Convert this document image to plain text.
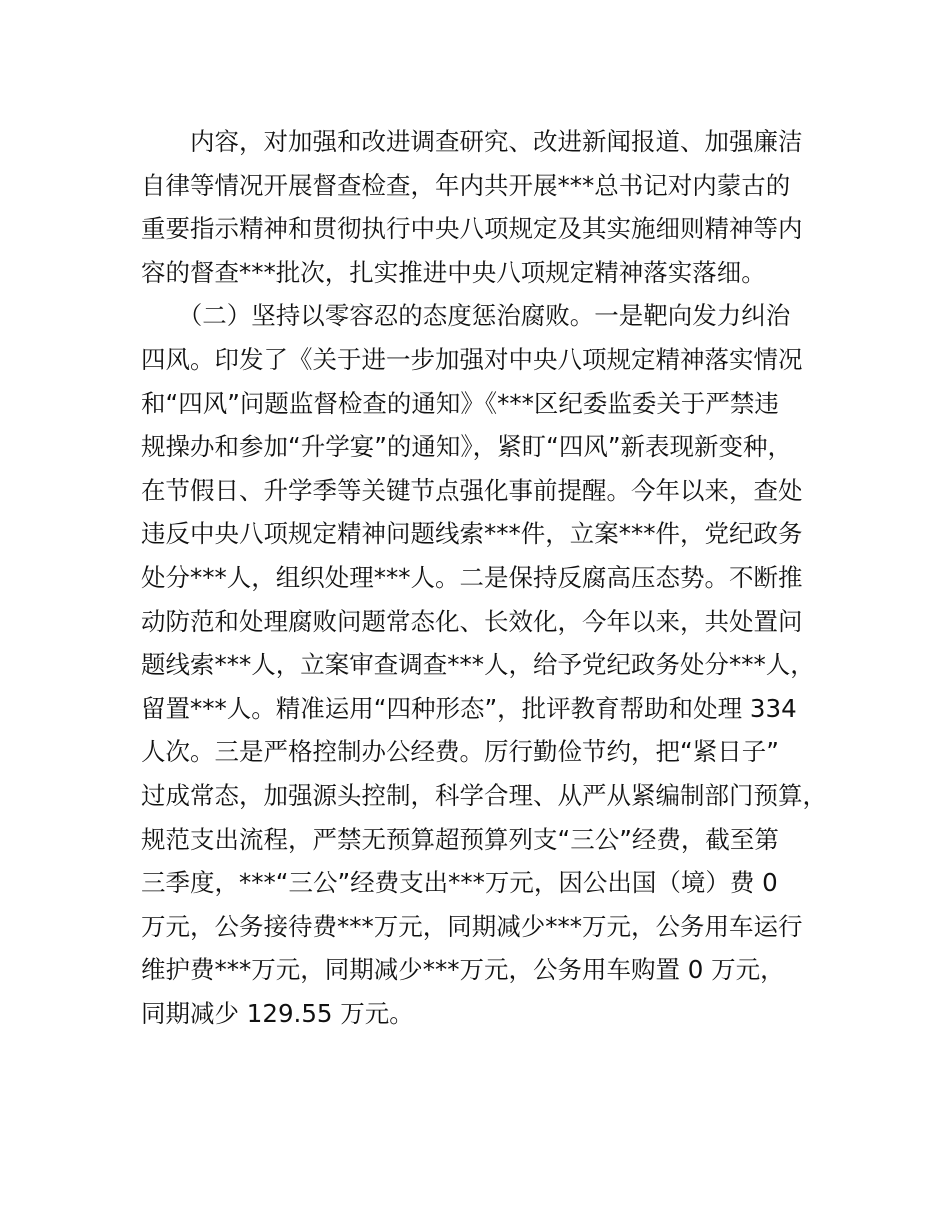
　　内容，对加强和改进调查研究、改进新闻报道、加强廉洁
自律等情况开展督查检查，年内共开展***总书记对内蒙古的
重要指示精神和贯彻执行中央八项规定及其实施细则精神等内
容的督查***批次，扎实推进中央八项规定精神落实落细。
　　（二）坚持以零容忍的态度惩治腐败。一是靶向发力纠治
四风。印发了《关于进一步加强对中央八项规定精神落实情况
和“四风”问题监督检查的通知》《***区纪委监委关于严禁违
规操办和参加“升学宴”的通知》，紧盯“四风”新表现新变种，
在节假日、升学季等关键节点强化事前提醒。今年以来，查处
违反中央八项规定精神问题线索***件，立案***件，党纪政务
处分***人，组织处理***人。二是保持反腐高压态势。不断推
动防范和处理腐败问题常态化、长效化，今年以来，共处置问
题线索***人，立案审查调查***人，给予党纪政务处分***人，
留置***人。精准运用“四种形态”，批评教育帮助和处理 334
人次。三是严格控制办公经费。厉行勤俭节约，把“紧日子”
过成常态，加强源头控制，科学合理、从严从紧编制部门预算，
规范支出流程，严禁无预算超预算列支“三公”经费，截至第
三季度，***“三公”经费支出***万元，因公出国（境）费 0
万元，公务接待费***万元，同期减少***万元，公务用车运行
维护费***万元，同期减少***万元，公务用车购置 0 万元，
同期减少 129.55 万元。
